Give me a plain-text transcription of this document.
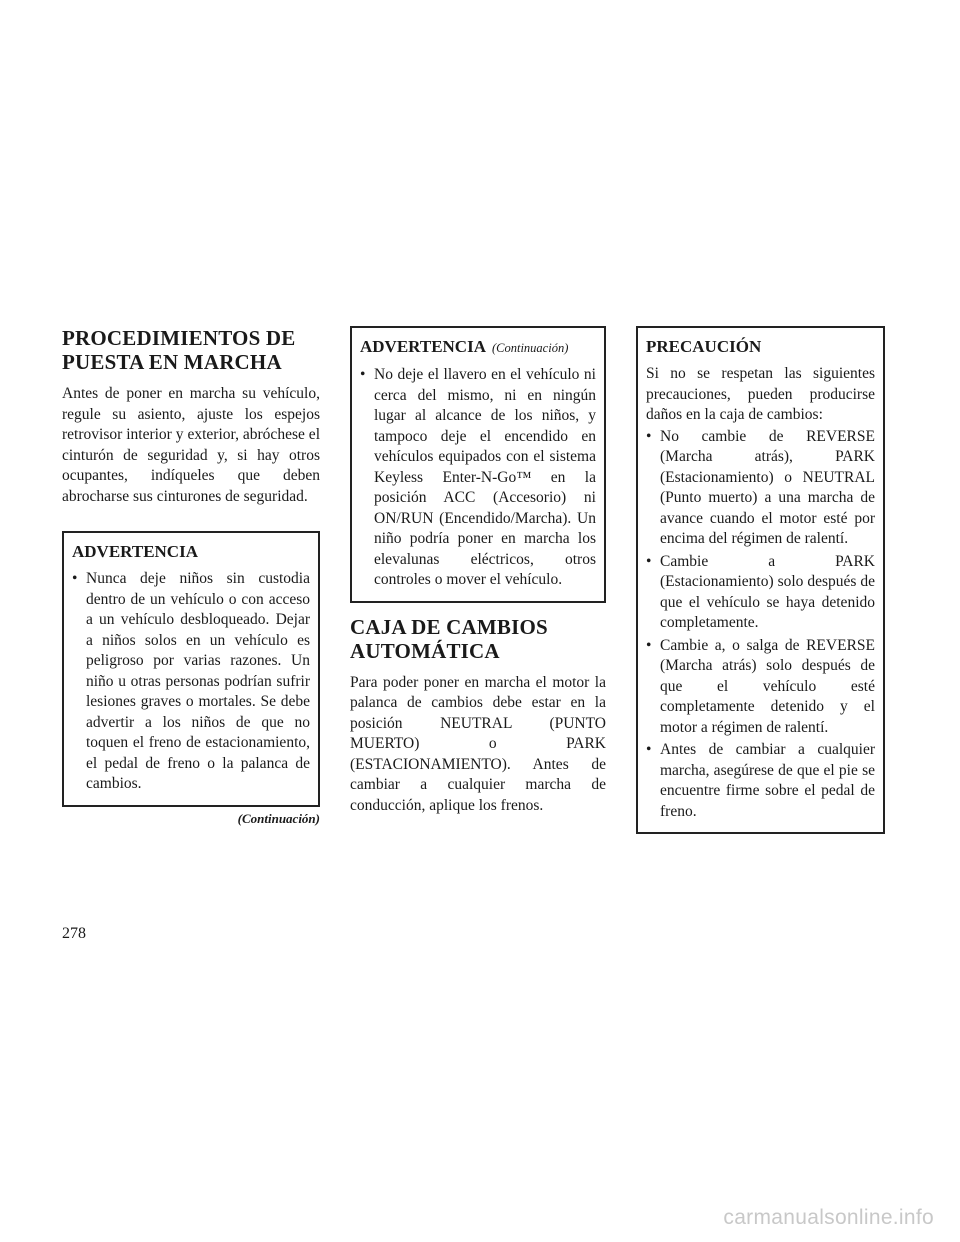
PROCEDIMIENTOS DE
PUESTA EN MARCHA

Antes de poner en marcha su vehículo, regule su asiento, ajuste los espejos retrovisor interior y exterior, abróchese el cinturón de seguridad y, si hay otros ocupantes, indíqueles que deben abrocharse sus cinturones de seguridad.

ADVERTENCIA
• Nunca deje niños sin custodia dentro de un vehículo o con acceso a un vehículo desbloqueado. Dejar a niños solos en un vehículo es peligroso por varias razones. Un niño u otras personas podrían sufrir lesiones graves o mortales. Se debe advertir a los niños de que no toquen el freno de estacionamiento, el pedal de freno o la palanca de cambios.
(Continuación)
ADVERTENCIA (Continuación)
• No deje el llavero en el vehículo ni cerca del mismo, ni en ningún lugar al alcance de los niños, y tampoco deje el encendido en vehículos equipados con el sistema Keyless Enter-N-Go™ en la posición ACC (Accesorio) ni ON/RUN (Encendido/Marcha). Un niño podría poner en marcha los elevalunas eléctricos, otros controles o mover el vehículo.
CAJA DE CAMBIOS
AUTOMÁTICA

Para poder poner en marcha el motor la palanca de cambios debe estar en la posición NEUTRAL (PUNTO MUERTO) o PARK (ESTACIONAMIENTO). Antes de cambiar a cualquier marcha de conducción, aplique los frenos.

PRECAUCIÓN

Si no se respetan las siguientes precauciones, pueden producirse daños en la caja de cambios:

• No cambie de REVERSE (Marcha atrás), PARK (Estacionamiento) o NEUTRAL (Punto muerto) a una marcha de avance cuando el motor esté por encima del régimen de ralentí.
• Cambie a PARK (Estacionamiento) solo después de que el vehículo se haya detenido completamente.
• Cambie a, o salga de REVERSE (Marcha atrás) solo después de que el vehículo esté completamente detenido y el motor a régimen de ralentí.
• Antes de cambiar a cualquier marcha, asegúrese de que el pie se encuentre firme sobre el pedal de freno.
278
carmanualsonline.info
